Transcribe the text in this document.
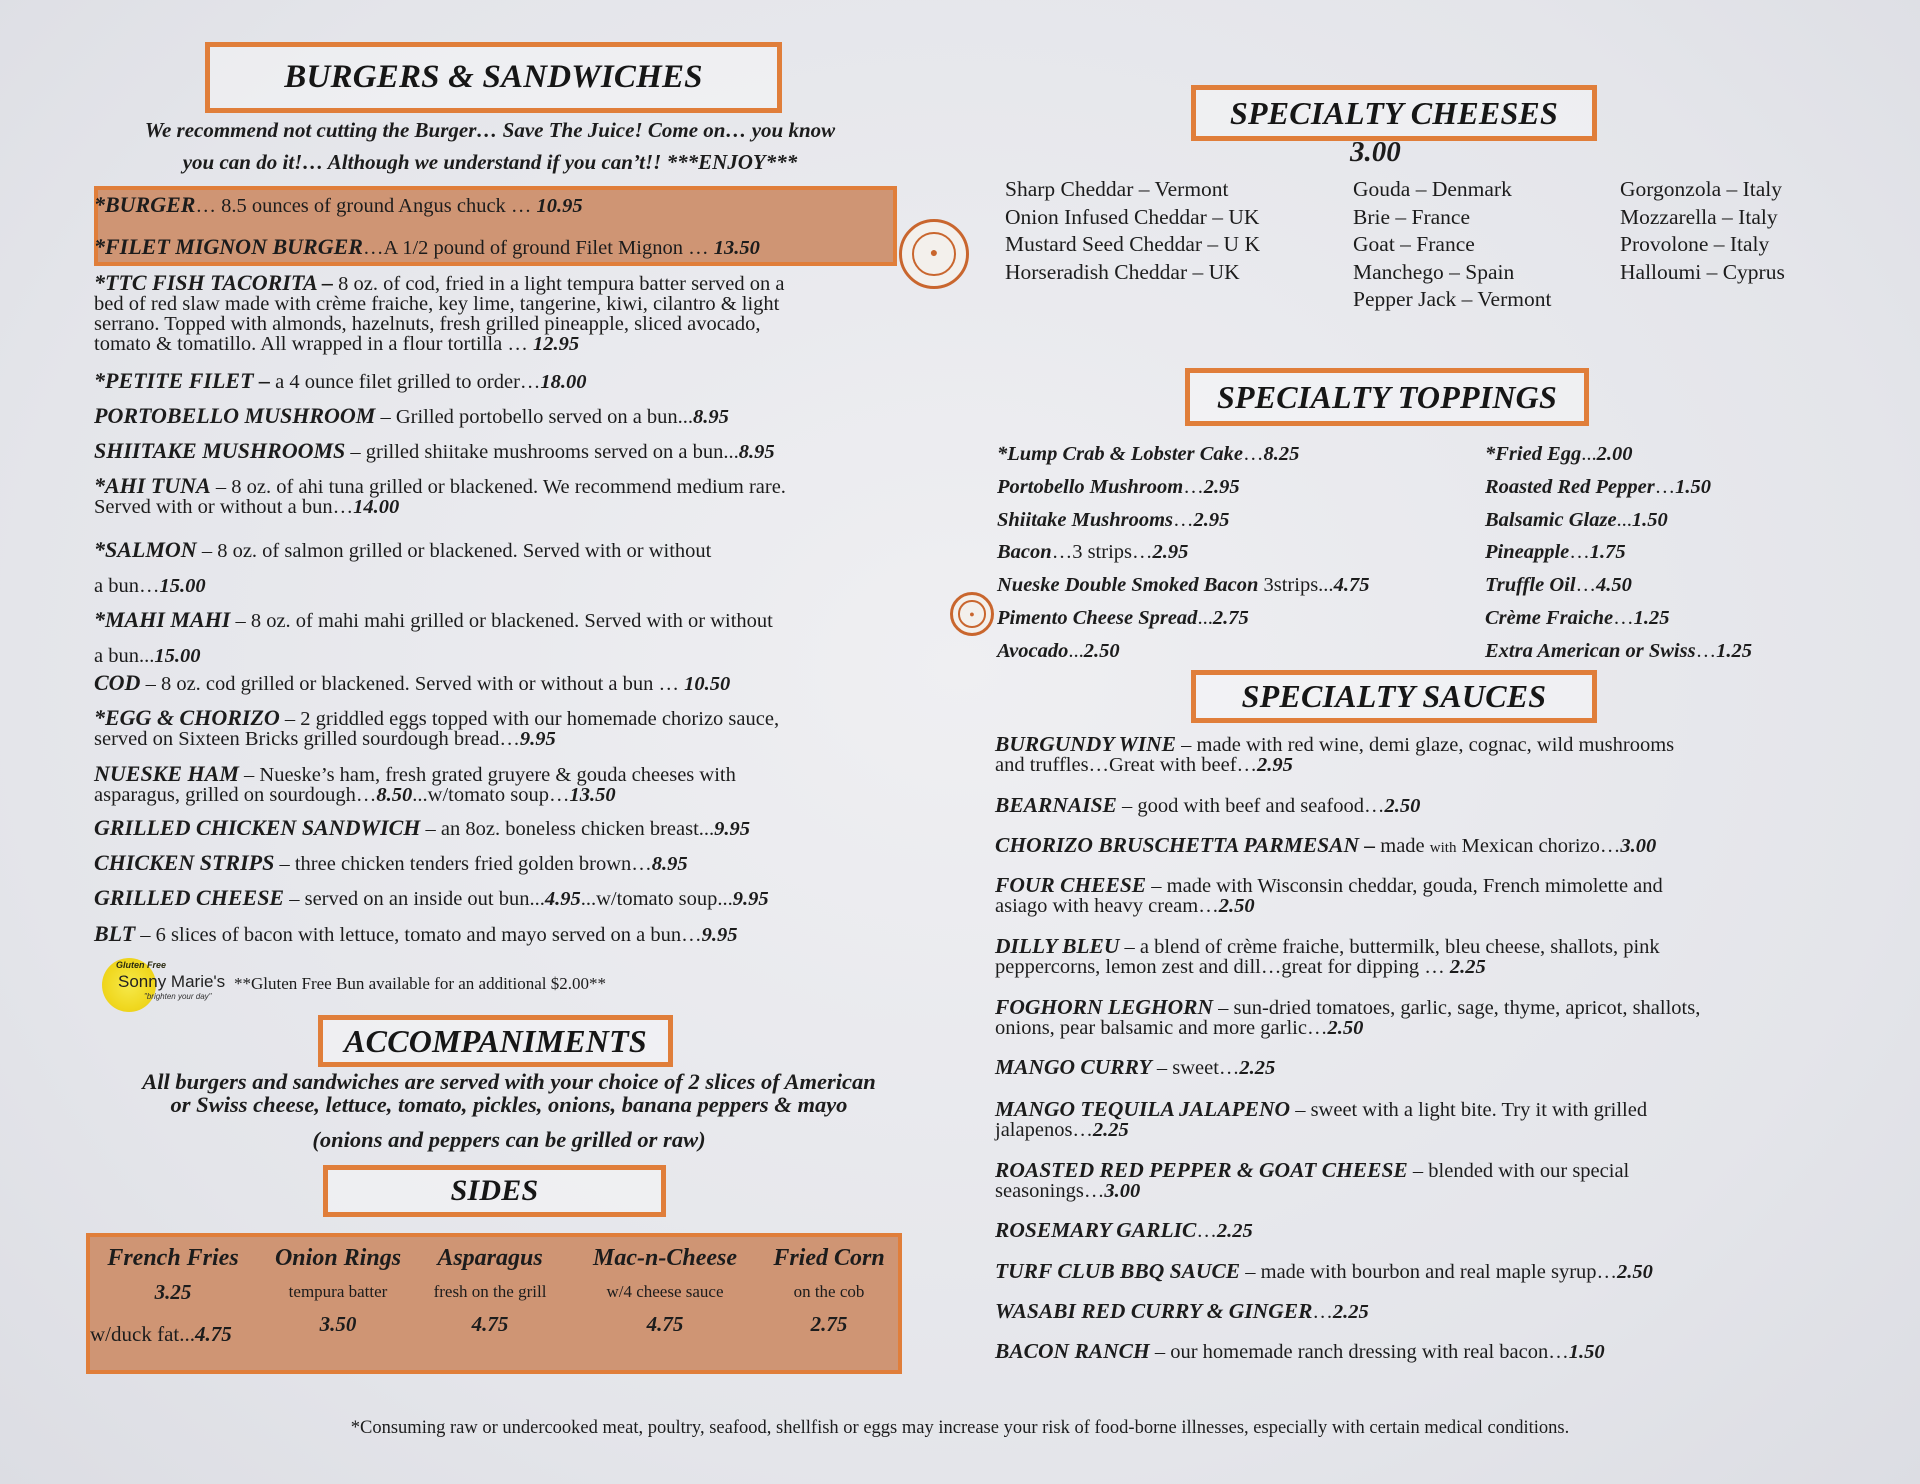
BURGERS & SANDWICHES
We recommend not cutting the Burger… Save The Juice! Come on… you know
you can do it!… Although we understand if you can’t!! ***ENJOY***
*BURGER… 8.5 ounces of ground Angus chuck … 10.95
*FILET MIGNON BURGER…A 1/2 pound of ground Filet Mignon … 13.50
*TTC FISH TACORITA – 8 oz. of cod, fried in a light tempura batter served on a
bed of red slaw made with crème fraiche, key lime, tangerine, kiwi, cilantro & light
serrano. Topped with almonds, hazelnuts, fresh grilled pineapple, sliced avocado,
tomato & tomatillo. All wrapped in a flour tortilla … 12.95
*PETITE FILET – a 4 ounce filet grilled to order…18.00
PORTOBELLO MUSHROOM – Grilled portobello served on a bun...8.95
SHIITAKE MUSHROOMS – grilled shiitake mushrooms served on a bun...8.95
*AHI TUNA – 8 oz. of ahi tuna grilled or blackened. We recommend medium rare.
Served with or without a bun…14.00
*SALMON – 8 oz. of salmon grilled or blackened. Served with or without
a bun…15.00
*MAHI MAHI – 8 oz. of mahi mahi grilled or blackened. Served with or without
a bun...15.00
COD – 8 oz. cod grilled or blackened. Served with or without a bun … 10.50
*EGG & CHORIZO – 2 griddled eggs topped with our homemade chorizo sauce,
served on Sixteen Bricks grilled sourdough bread…9.95
NUESKE HAM – Nueske’s ham, fresh grated gruyere & gouda cheeses with
asparagus, grilled on sourdough…8.50...w/tomato soup…13.50
GRILLED CHICKEN SANDWICH – an 8oz. boneless chicken breast...9.95
CHICKEN STRIPS – three chicken tenders fried golden brown…8.95
GRILLED CHEESE – served on an inside out bun...4.95...w/tomato soup...9.95
BLT – 6 slices of bacon with lettuce, tomato and mayo served on a bun…9.95
●
Gluten Free
Sonny Marie's
"brighten your day"
**Gluten Free Bun available for an additional $2.00**
ACCOMPANIMENTS
All burgers and sandwiches are served with your choice of 2 slices of American
or Swiss cheese, lettuce, tomato, pickles, onions, banana peppers & mayo
(onions and peppers can be grilled or raw)
SIDES
French Fries
3.25
w/duck fat...4.75
Onion Rings
tempura batter
3.50
Asparagus
fresh on the grill
4.75
Mac-n-Cheese
w/4 cheese sauce
4.75
Fried Corn
on the cob
2.75
SPECIALTY CHEESES
3.00
Sharp Cheddar – Vermont
Onion Infused Cheddar – UK
Mustard Seed Cheddar – U K
Horseradish Cheddar – UK
Gouda – Denmark
Brie – France
Goat – France
Manchego – Spain
Pepper Jack – Vermont
Gorgonzola – Italy
Mozzarella – Italy
Provolone – Italy
Halloumi – Cyprus
SPECIALTY TOPPINGS
*Lump Crab & Lobster Cake…8.25
Portobello Mushroom…2.95
Shiitake Mushrooms…2.95
Bacon…3 strips…2.95
Nueske Double Smoked Bacon 3strips...4.75
Pimento Cheese Spread...2.75
Avocado...2.50
●
*Fried Egg...2.00
Roasted Red Pepper…1.50
Balsamic Glaze...1.50
Pineapple…1.75
Truffle Oil…4.50
Crème Fraiche…1.25
Extra American or Swiss…1.25
SPECIALTY SAUCES
BURGUNDY WINE – made with red wine, demi glaze, cognac, wild mushrooms
and truffles…Great with beef…2.95
BEARNAISE – good with beef and seafood…2.50
CHORIZO BRUSCHETTA PARMESAN – made with Mexican chorizo…3.00
FOUR CHEESE – made with Wisconsin cheddar, gouda, French mimolette and
asiago with heavy cream…2.50
DILLY BLEU – a blend of crème fraiche, buttermilk, bleu cheese, shallots, pink
peppercorns, lemon zest and dill…great for dipping … 2.25
FOGHORN LEGHORN – sun-dried tomatoes, garlic, sage, thyme, apricot, shallots,
onions, pear balsamic and more garlic…2.50
MANGO CURRY – sweet…2.25
MANGO TEQUILA JALAPENO – sweet with a light bite. Try it with grilled
jalapenos…2.25
ROASTED RED PEPPER & GOAT CHEESE – blended with our special
seasonings…3.00
ROSEMARY GARLIC…2.25
TURF CLUB BBQ SAUCE – made with bourbon and real maple syrup…2.50
WASABI RED CURRY & GINGER…2.25
BACON RANCH – our homemade ranch dressing with real bacon…1.50
*Consuming raw or undercooked meat, poultry, seafood, shellfish or eggs may increase your risk of food-borne illnesses, especially with certain medical conditions.
